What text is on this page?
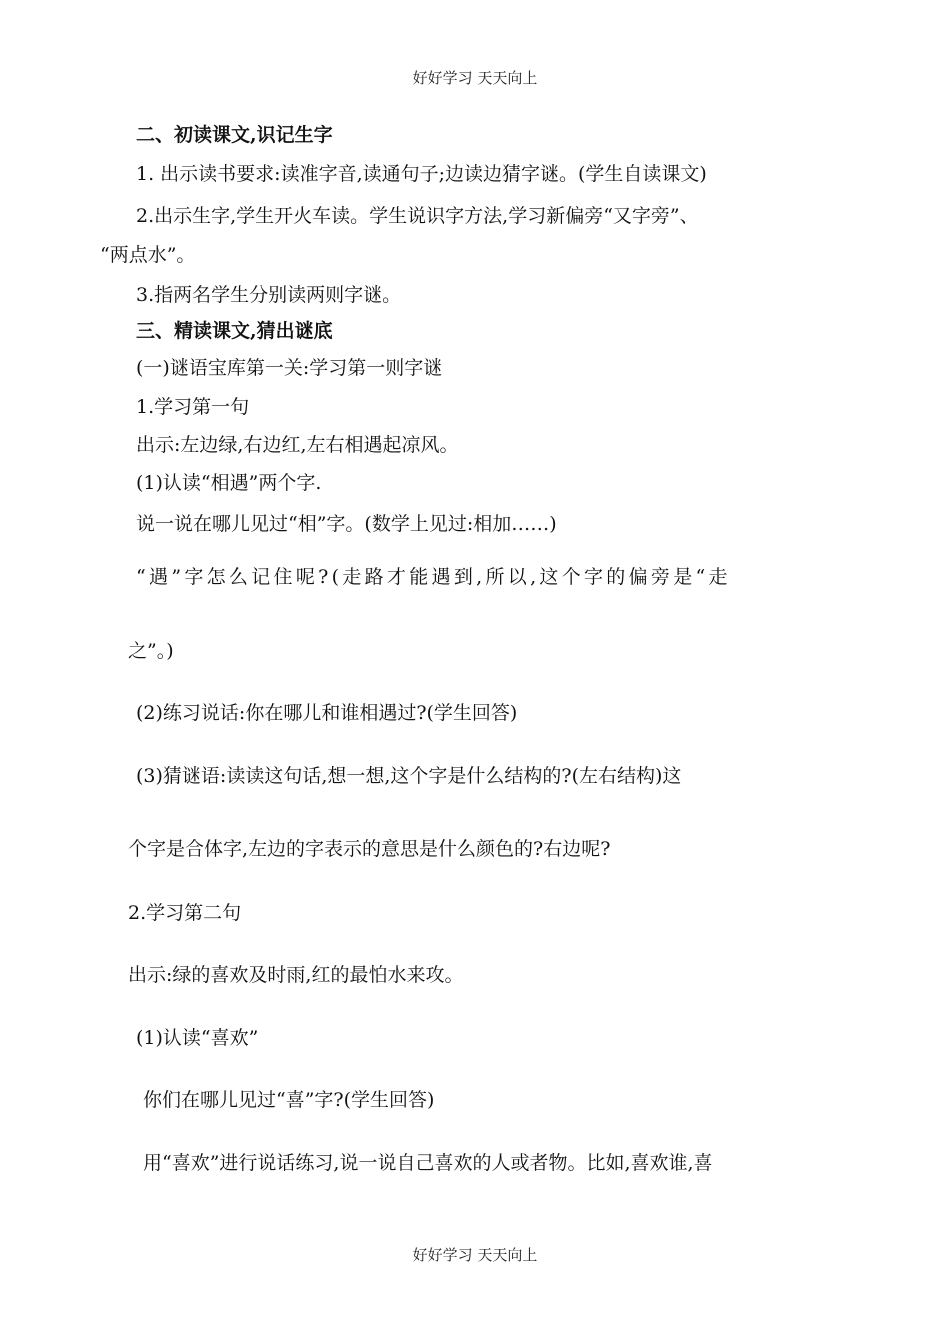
好好学习 天天向上
二、初读课文,识记生字
1. 出示读书要求:读准字音,读通句子;边读边猜字谜。(学生自读课文)
2.出示生字,学生开火车读。学生说识字方法,学习新偏旁“又字旁”、
“两点水”。
3.指两名学生分别读两则字谜。
三、精读课文,猜出谜底
(一)谜语宝库第一关:学习第一则字谜
1.学习第一句
出示:左边绿,右边红,左右相遇起凉风。
(1)认读“相遇”两个字.
说一说在哪儿见过“相”字。(数学上见过:相加……)
“遇”字怎么记住呢?(走路才能遇到,所以,这个字的偏旁是“走
之”。)
(2)练习说话:你在哪儿和谁相遇过?(学生回答)
(3)猜谜语:读读这句话,想一想,这个字是什么结构的?(左右结构)这
个字是合体字,左边的字表示的意思是什么颜色的?右边呢?
2.学习第二句
出示:绿的喜欢及时雨,红的最怕水来攻。
(1)认读“喜欢”
你们在哪儿见过“喜”字?(学生回答)
用“喜欢”进行说话练习,说一说自己喜欢的人或者物。比如,喜欢谁,喜
好好学习 天天向上
